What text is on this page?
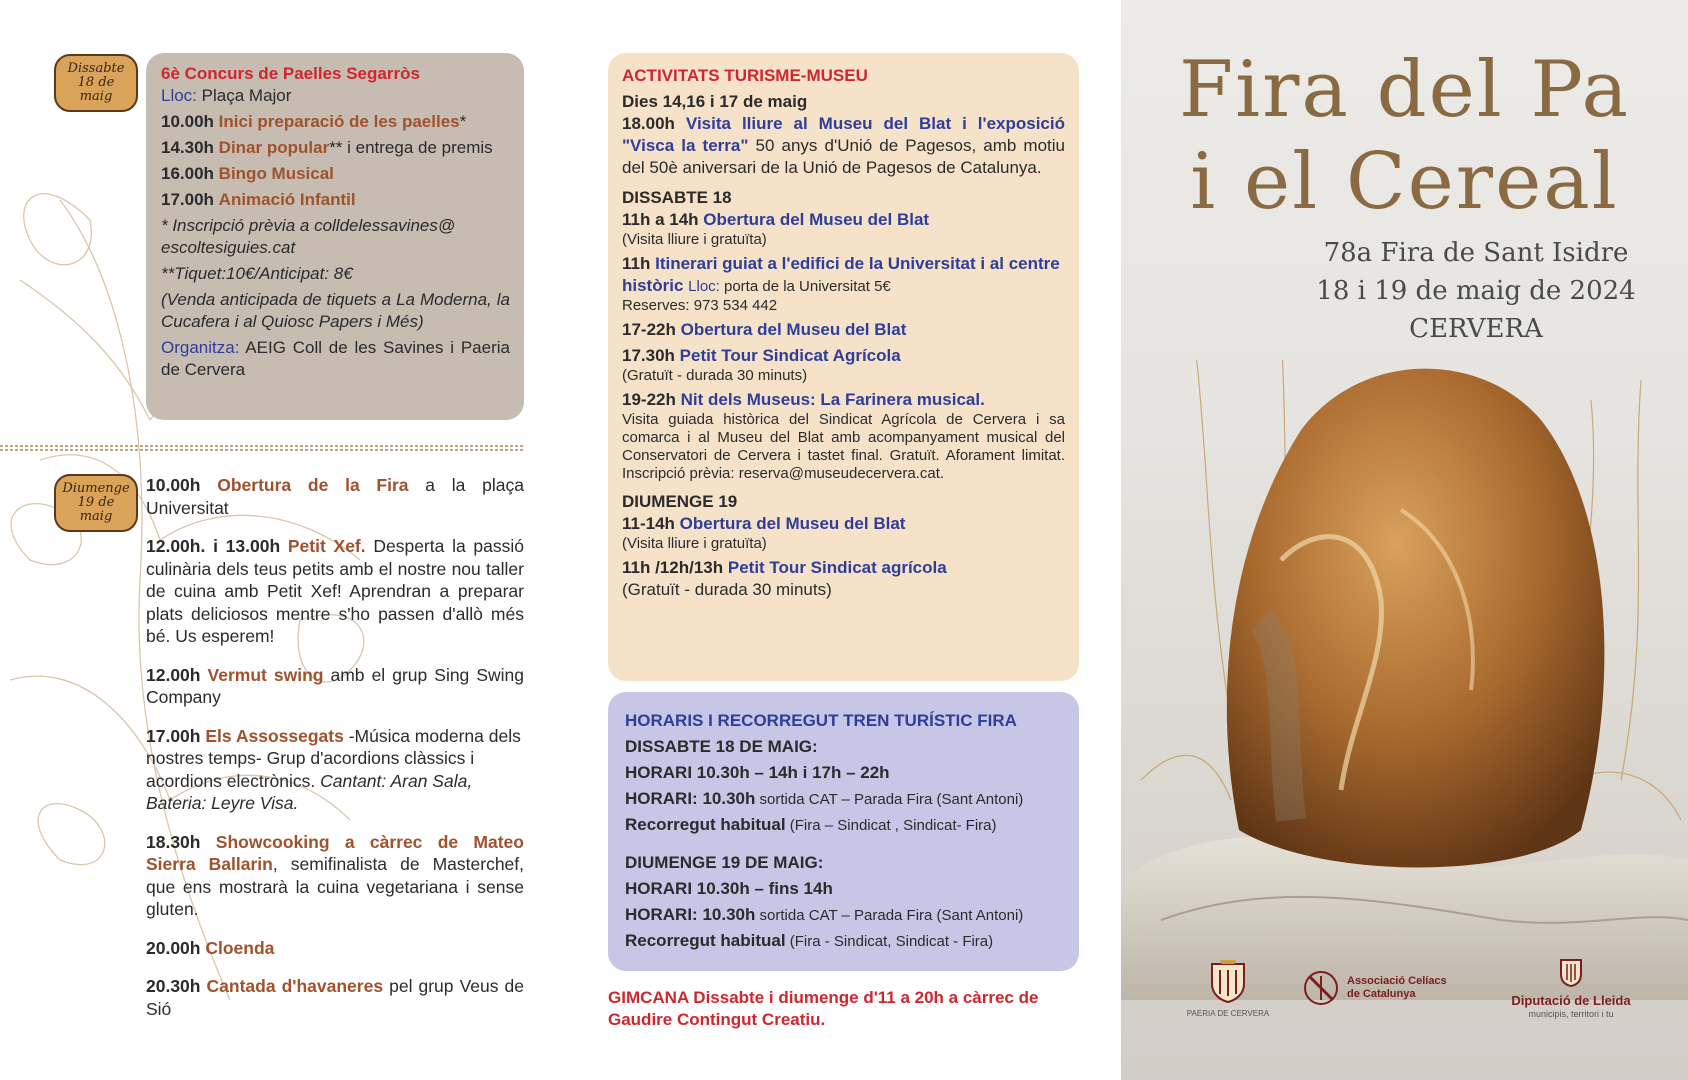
Dissabte
18 de
maig
6è Concurs de Paelles Segarròs
Lloc: Plaça Major
10.00h Inici preparació de les paelles*
14.30h Dinar popular** i entrega de premis
16.00h Bingo Musical
17.00h Animació Infantil
* Inscripció prèvia a colldelessavines@ escoltesiguies.cat
**Tiquet:10€/Anticipat: 8€
(Venda anticipada de tiquets a La Moderna, la Cucafera i al Quiosc Papers i Més)
Organitza: AEIG Coll de les Savines i Paeria de Cervera
Diumenge
19 de
maig
10.00h Obertura de la Fira a la plaça Universitat
12.00h. i 13.00h Petit Xef. Desperta la passió culinària dels teus petits amb el nostre nou taller de cuina amb Petit Xef! Aprendran a preparar plats deliciosos mentre s'ho passen d'allò més bé. Us esperem!
12.00h Vermut swing amb el grup Sing Swing Company
17.00h Els Assossegats -Música moderna dels nostres temps- Grup d'acordions clàssics i acordions electrònics. Cantant: Aran Sala, Bateria: Leyre Visa.
18.30h Showcooking a càrrec de Mateo Sierra Ballarin, semifinalista de Masterchef, que ens mostrarà la cuina vegetariana i sense gluten.
20.00h Cloenda
20.30h Cantada d'havaneres pel grup Veus de Sió
ACTIVITATS TURISME-MUSEU
Dies 14,16 i 17 de maig
18.00h Visita lliure al Museu del Blat i l'exposició "Visca la terra" 50 anys d'Unió de Pagesos, amb motiu del 50è aniversari de la Unió de Pagesos de Catalunya.
DISSABTE 18
11h a 14h Obertura del Museu del Blat
(Visita lliure i gratuïta)
11h Itinerari guiat a l'edifici de la Universitat i al centre històric Lloc: porta de la Universitat 5€
Reserves: 973 534 442
17-22h Obertura del Museu del Blat
17.30h Petit Tour Sindicat Agrícola
(Gratuït - durada 30 minuts)
19-22h Nit dels Museus: La Farinera musical.
Visita guiada històrica del Sindicat Agrícola de Cervera i sa comarca i al Museu del Blat amb acompanyament musical del Conservatori de Cervera i tastet final. Gratuït. Aforament limitat. Inscripció prèvia: reserva@museudecervera.cat.
DIUMENGE 19
11-14h Obertura del Museu del Blat
(Visita lliure i gratuïta)
11h /12h/13h Petit Tour Sindicat agrícola
(Gratuït - durada 30 minuts)
HORARIS I RECORREGUT TREN TURÍSTIC FIRA
DISSABTE 18 DE MAIG:
HORARI 10.30h – 14h i 17h – 22h
HORARI: 10.30h sortida CAT – Parada Fira (Sant Antoni)
Recorregut habitual (Fira – Sindicat , Sindicat- Fira)
DIUMENGE 19 DE MAIG:
HORARI 10.30h – fins 14h
HORARI: 10.30h sortida CAT – Parada Fira (Sant Antoni)
Recorregut habitual (Fira - Sindicat, Sindicat - Fira)
GIMCANA Dissabte i diumenge d'11 a 20h a càrrec de Gaudire Contingut Creatiu.
Fira del Pa
i el Cereal
78a Fira de Sant Isidre
18 i 19 de maig de 2024
CERVERA
PAERIA DE CERVERA
Associació Celíacs
de Catalunya	Diputació de Lleida
municipis, territori i tu
